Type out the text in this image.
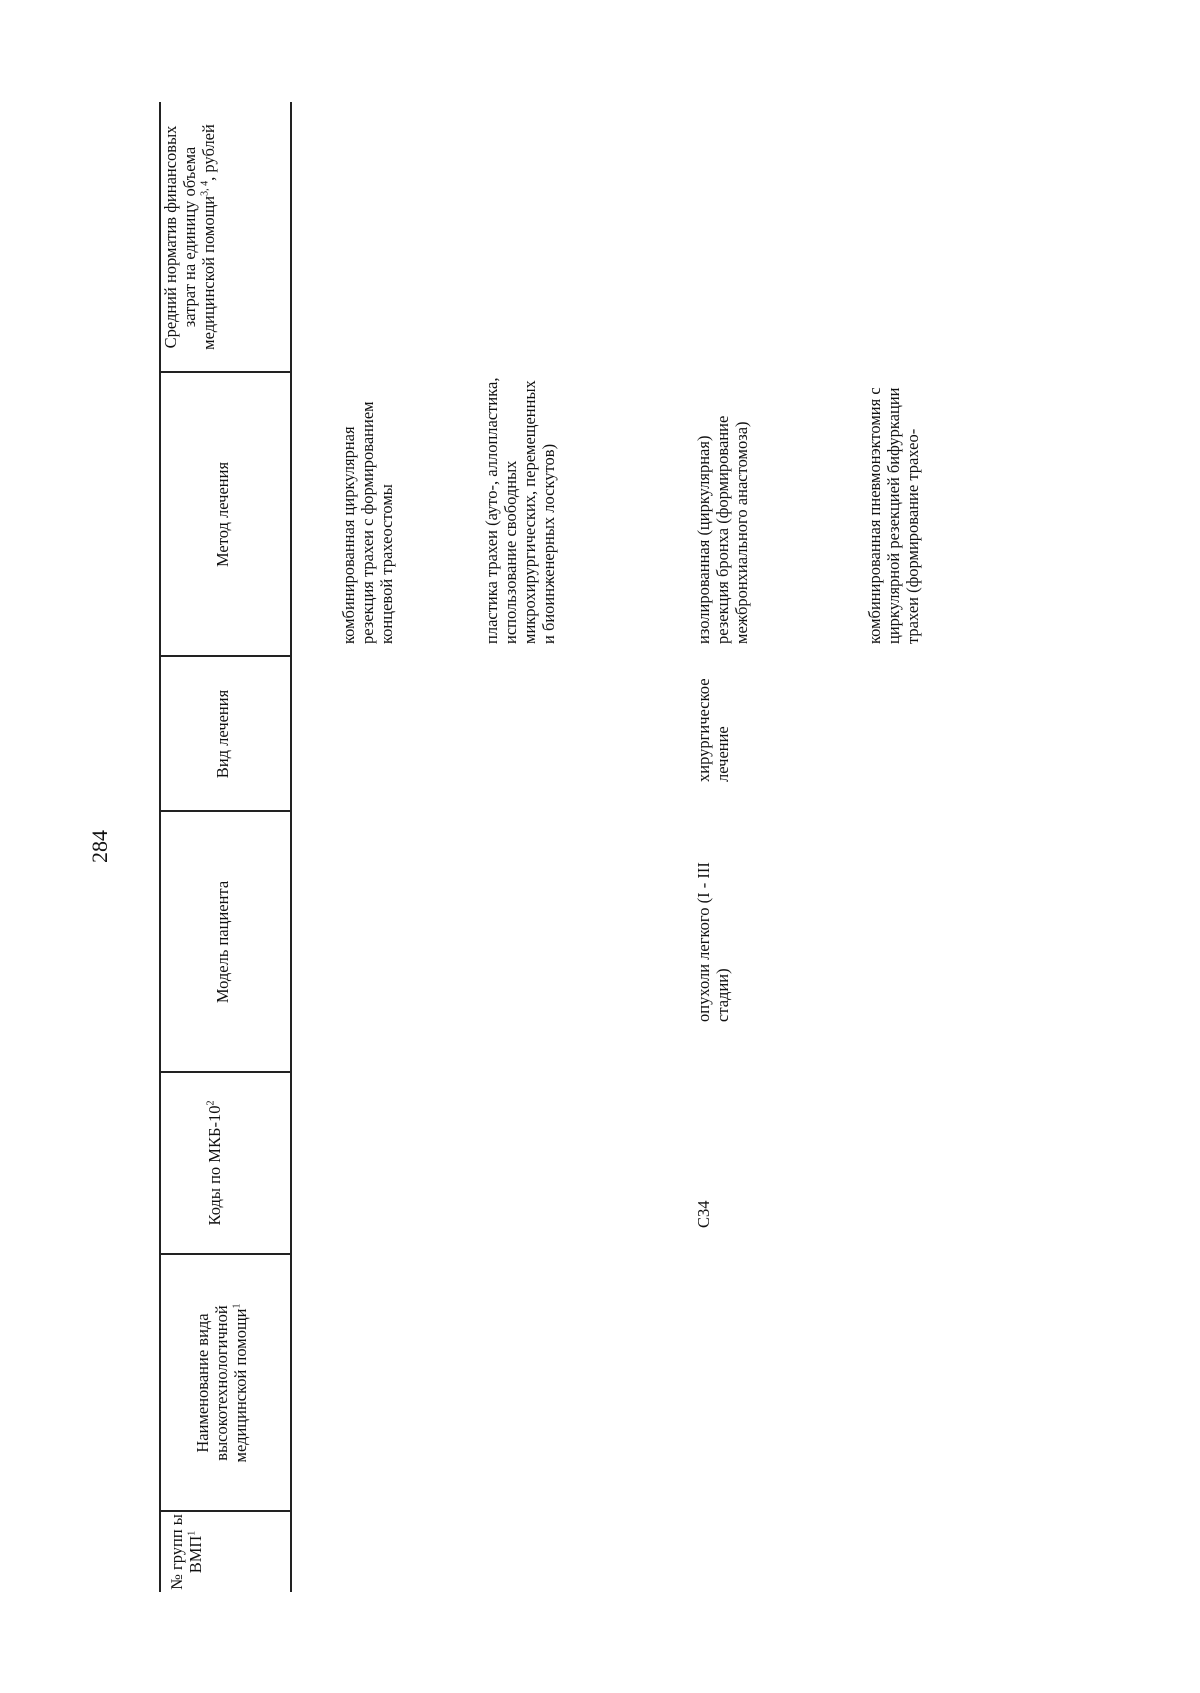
284
№ групп ы ВМП$^1$
Наименование вида высокотехнологичной медицинской помощи$^1$
Коды по МКБ-$10^2$
Модель пациента
Вид лечения
Метод лечения
Средний норматив финансовых затрат на единицу объема медицинской помощи$^{3, 4}$, рублей
комбинированная циркулярная резекция трахеи с формированием концевой трахеостомы	пластика трахеи (ауто-, аллопластика, использование свободных микрохирургических, перемещенных и биоинженерных лоскутов)
C34
опухоли легкого (I - III стадии)
хирургическое лечение
изолированная (циркулярная) резекция бронха (формирование межбронхиального анастомоза)	комбинированная пневмонэктомия с циркулярной резекцией бифуркации трахеи (формирование трахео-
